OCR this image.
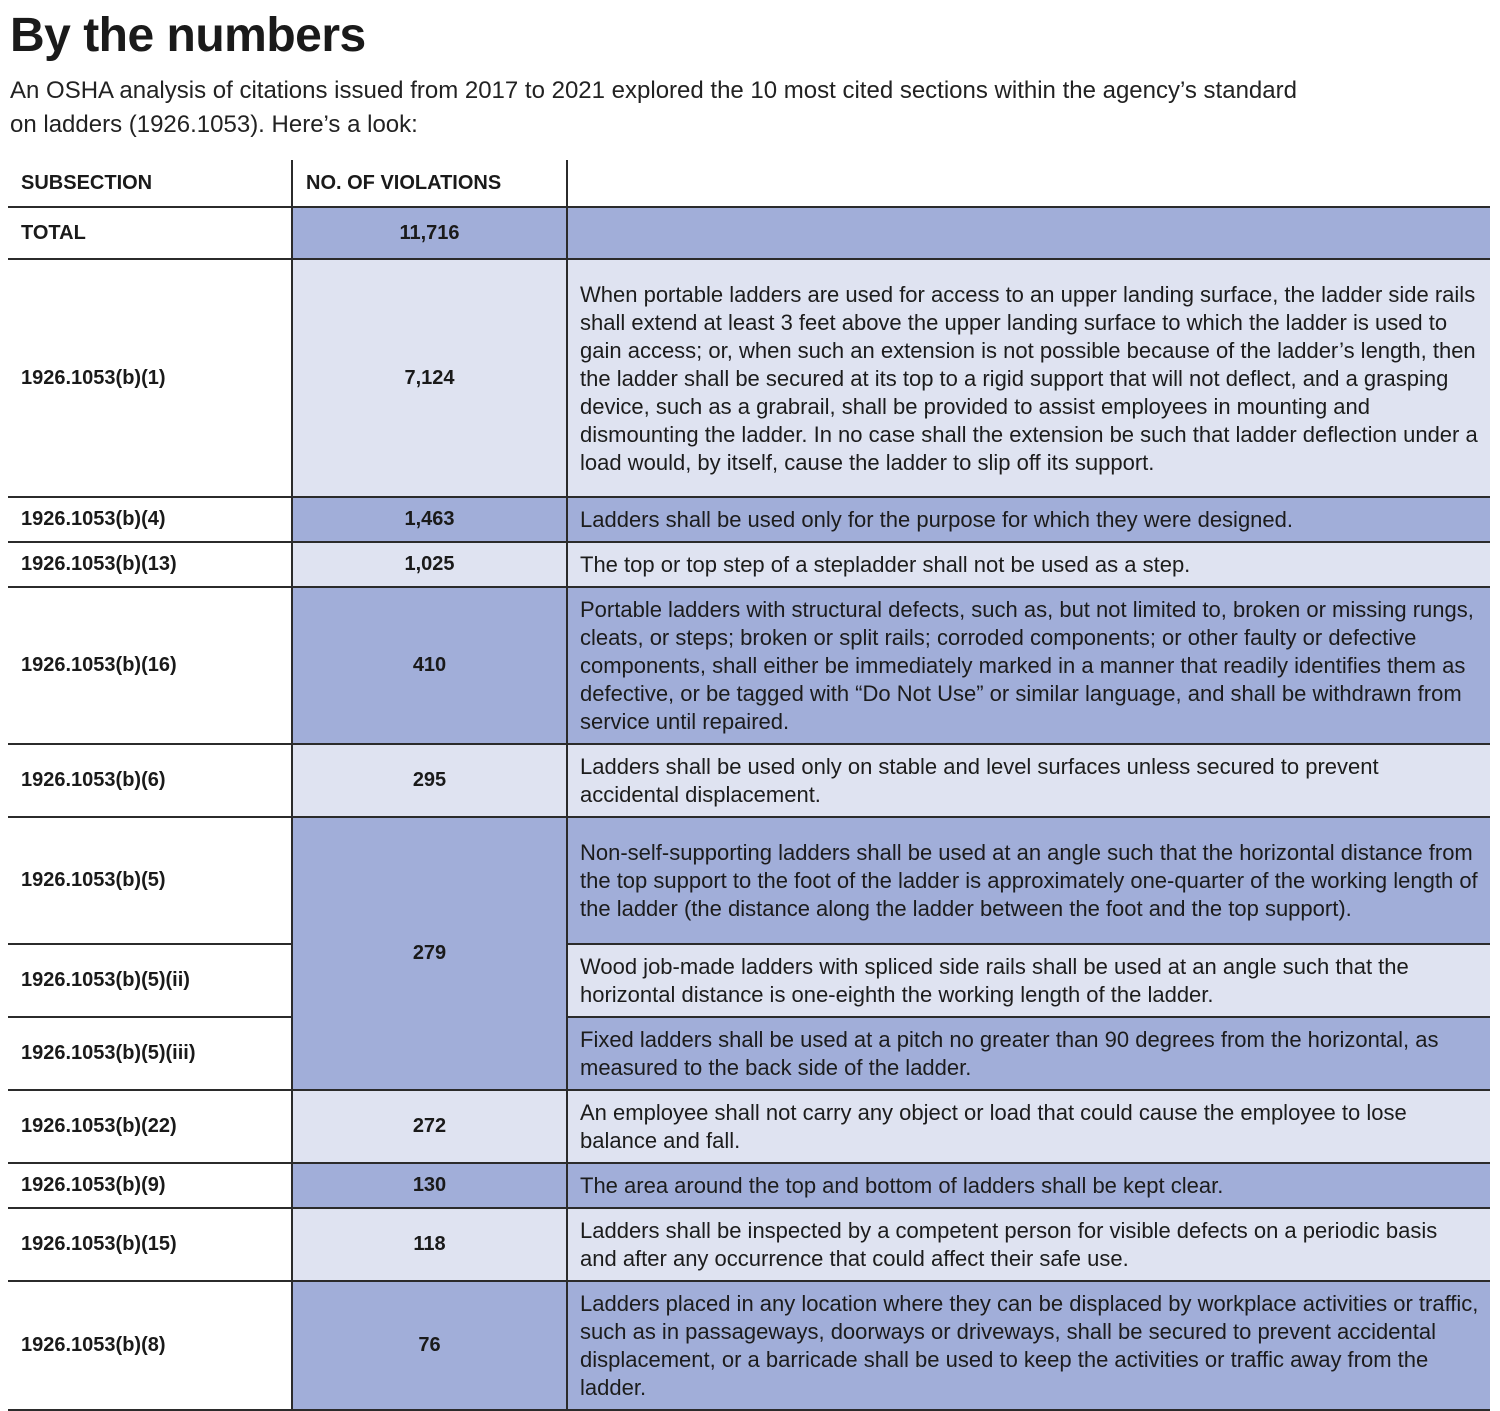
By the numbers

An OSHA analysis of citations issued from 2017 to 2021 explored the 10 most cited sections within the agency’s standard on ladders (1926.1053). Here’s a look:

SUBSECTION	NO. OF VIOLATIONS	
TOTAL	11,716	
1926.1053(b)(1)	7,124	When portable ladders are used for access to an upper landing surface, the ladder side rails shall extend at least 3 feet above the upper landing surface to which the ladder is used to gain access; or, when such an extension is not possible because of the ladder’s length, then the ladder shall be secured at its top to a rigid support that will not deflect, and a grasping device, such as a grabrail, shall be provided to assist employees in mounting and dismounting the ladder. In no case shall the extension be such that ladder deflection under a load would, by itself, cause the ladder to slip off its support.
1926.1053(b)(4)	1,463	Ladders shall be used only for the purpose for which they were designed.
1926.1053(b)(13)	1,025	The top or top step of a stepladder shall not be used as a step.
1926.1053(b)(16)	410	Portable ladders with structural defects, such as, but not limited to, broken or missing rungs, cleats, or steps; broken or split rails; corroded components; or other faulty or defective components, shall either be immediately marked in a manner that readily identifies them as defective, or be tagged with “Do Not Use” or similar language, and shall be withdrawn from service until repaired.
1926.1053(b)(6)	295	Ladders shall be used only on stable and level surfaces unless secured to prevent accidental displacement.
1926.1053(b)(5)	279	Non-self-supporting ladders shall be used at an angle such that the horizontal distance from the top support to the foot of the ladder is approximately one-quarter of the working length of the ladder (the distance along the ladder between the foot and the top support).
1926.1053(b)(5)(ii)		Wood job-made ladders with spliced side rails shall be used at an angle such that the horizontal distance is one-eighth the working length of the ladder.
1926.1053(b)(5)(iii)		Fixed ladders shall be used at a pitch no greater than 90 degrees from the horizontal, as measured to the back side of the ladder.
1926.1053(b)(22)	272	An employee shall not carry any object or load that could cause the employee to lose balance and fall.
1926.1053(b)(9)	130	The area around the top and bottom of ladders shall be kept clear.
1926.1053(b)(15)	118	Ladders shall be inspected by a competent person for visible defects on a periodic basis and after any occurrence that could affect their safe use.
1926.1053(b)(8)	76	Ladders placed in any location where they can be displaced by workplace activities or traffic, such as in passageways, doorways or driveways, shall be secured to prevent accidental displacement, or a barricade shall be used to keep the activities or traffic away from the ladder.
